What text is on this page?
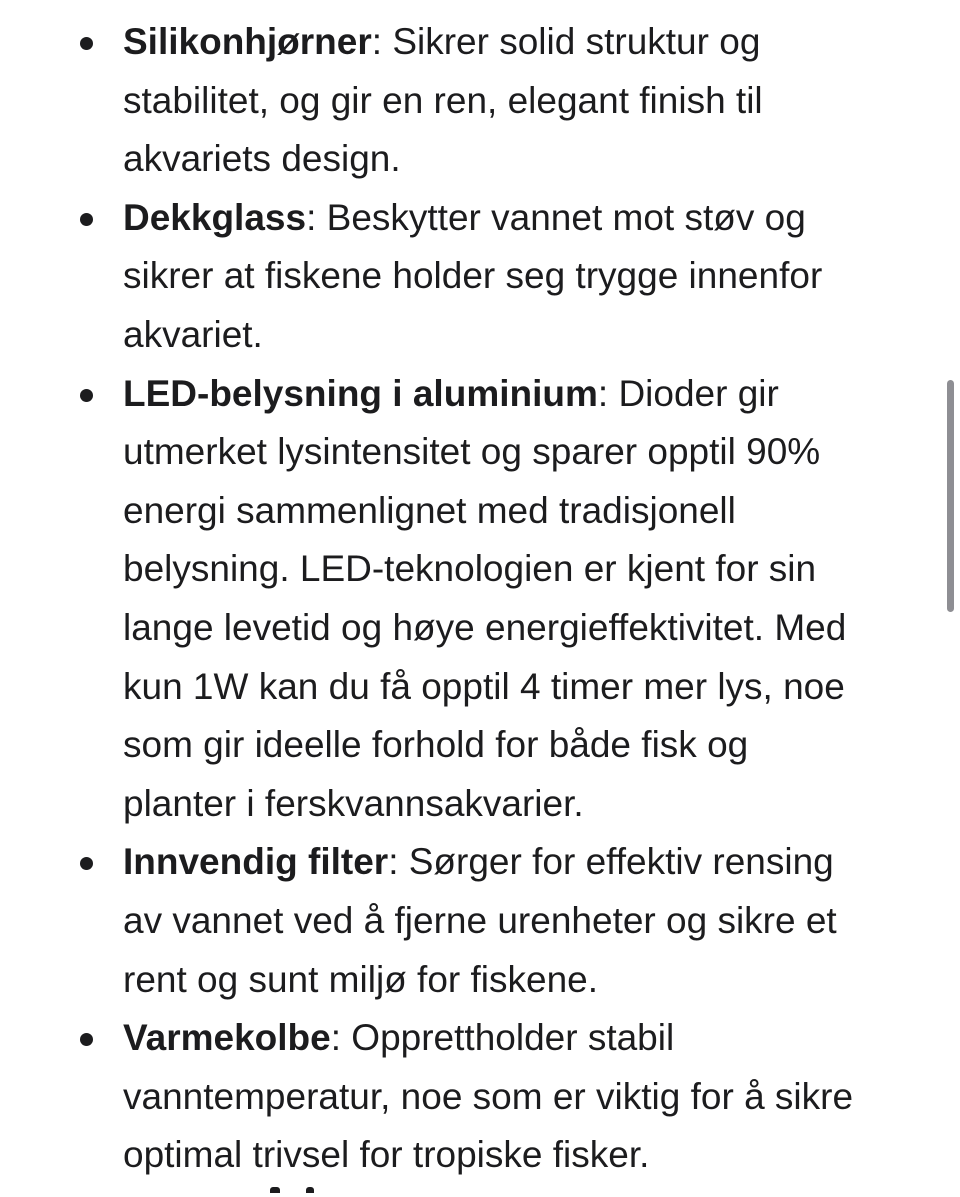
Silikonhjørner: Sikrer solid struktur og
stabilitet, og gir en ren, elegant finish til
akvariets design.
Dekkglass: Beskytter vannet mot støv og
sikrer at fiskene holder seg trygge innenfor
akvariet.
LED-belysning i aluminium: Dioder gir
utmerket lysintensitet og sparer opptil 90%
energi sammenlignet med tradisjonell
belysning. LED-teknologien er kjent for sin
lange levetid og høye energieffektivitet. Med
kun 1W kan du få opptil 4 timer mer lys, noe
som gir ideelle forhold for både fisk og
planter i ferskvannsakvarier.
Innvendig filter: Sørger for effektiv rensing
av vannet ved å fjerne urenheter og sikre et
rent og sunt miljø for fiskene.
Varmekolbe: Opprettholder stabil
vanntemperatur, noe som er viktig for å sikre
optimal trivsel for tropiske fisker.
